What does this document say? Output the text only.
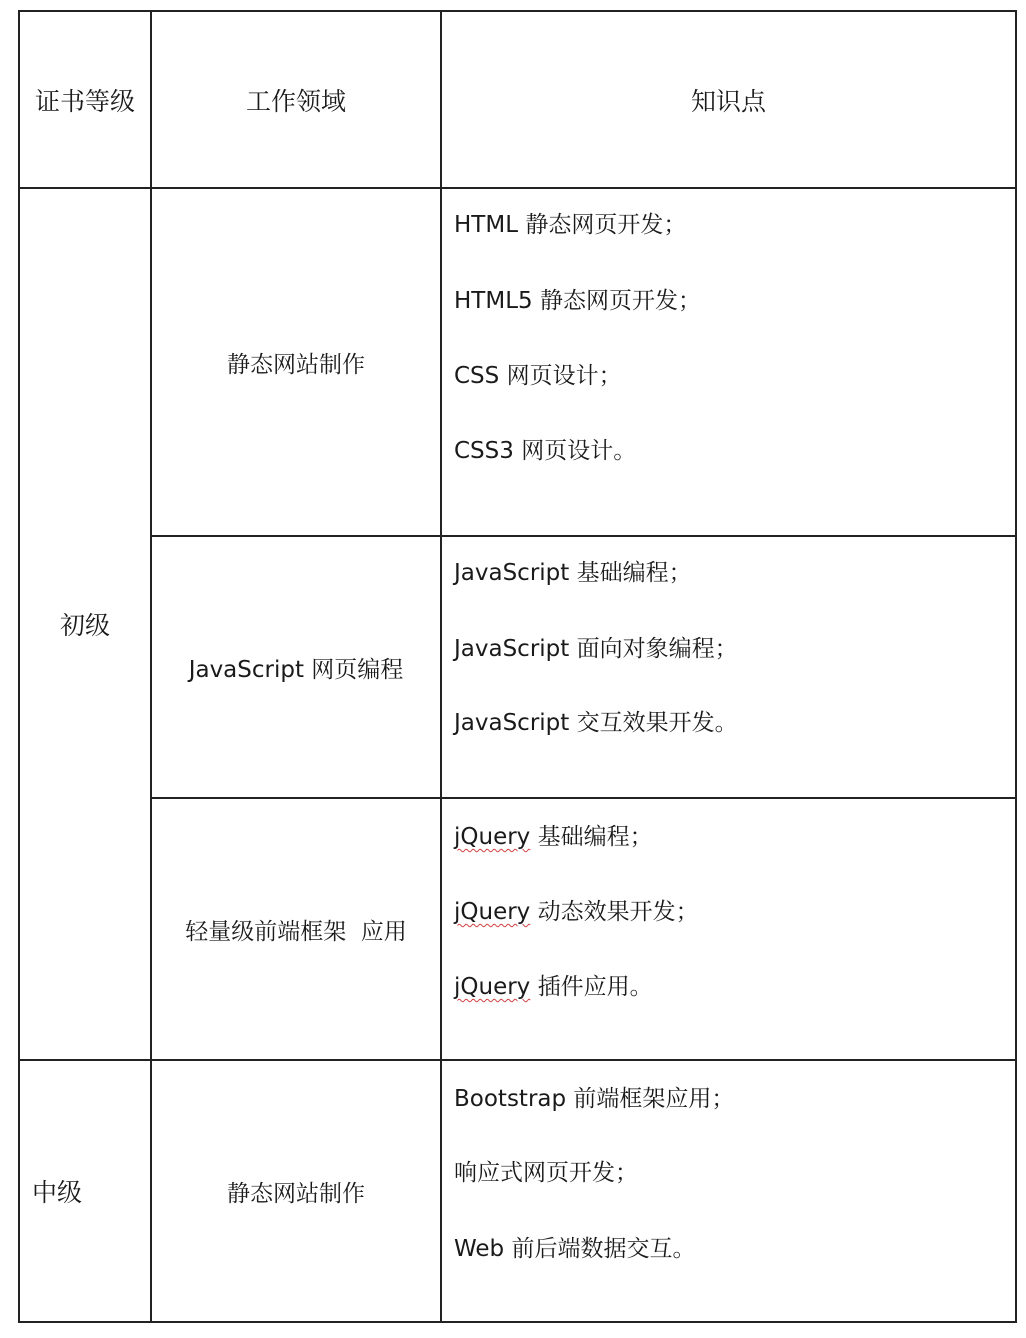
证书等级	工作领域	知识点
初级
中级
静态网站制作
JavaScript 网页编程
轻量级前端框架  应用
静态网站制作
HTML 静态网页开发；
HTML5 静态网页开发；
CSS 网页设计；
CSS3 网页设计。
JavaScript 基础编程；
JavaScript 面向对象编程；
JavaScript 交互效果开发。
jQuery 基础编程；
jQuery 动态效果开发；
jQuery 插件应用。
Bootstrap 前端框架应用；
响应式网页开发；
Web 前后端数据交互。
